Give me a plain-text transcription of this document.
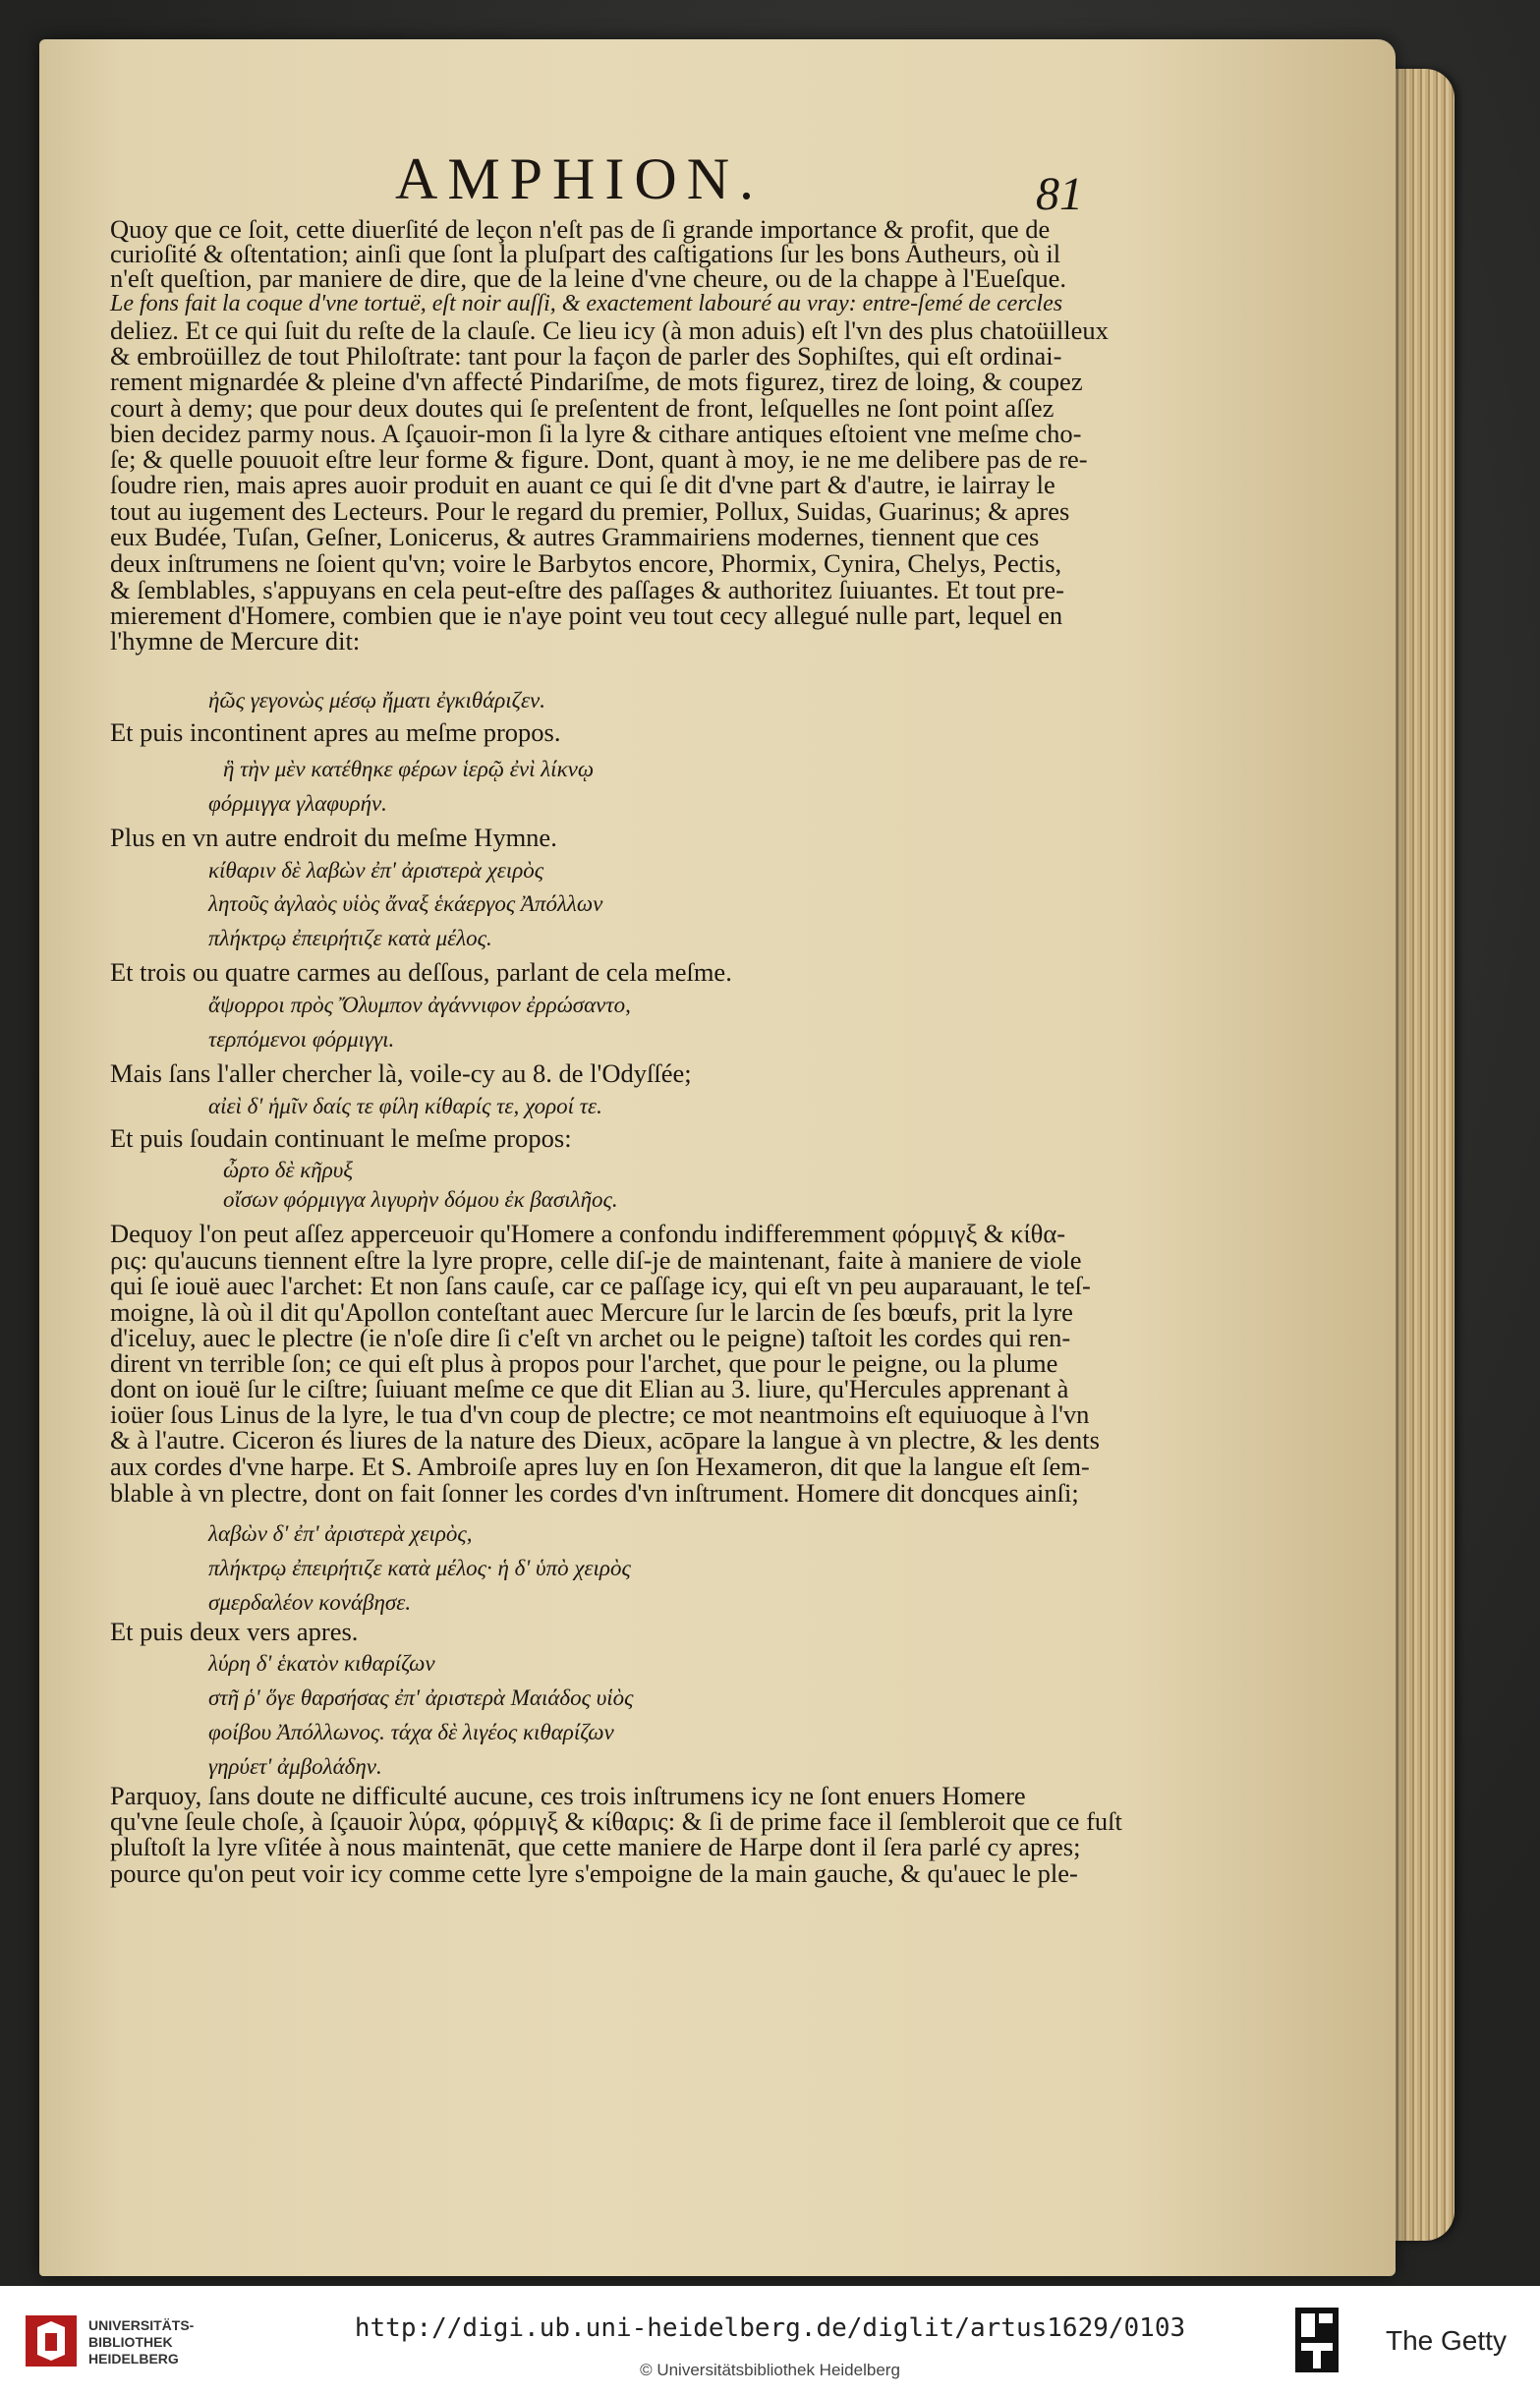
AMPHION.	81
Quoy que ce ſoit, cette diuerſité de leçon n'eſt pas de ſi grande importance & profit, que de
curioſité & oſtentation; ainſi que ſont la pluſpart des caſtigations ſur les bons Autheurs, où il
n'eſt queſtion, par maniere de dire, que de la leine d'vne cheure, ou de la chappe à l'Eueſque.
Le fons fait la coque d'vne tortuë, eſt noir auſſi, & exactement labouré au vray: entre-ſemé de cercles
deliez. Et ce qui ſuit du reſte de la clauſe. Ce lieu icy (à mon aduis) eſt l'vn des plus chatoüilleux
& embroüillez de tout Philoſtrate: tant pour la façon de parler des Sophiſtes, qui eſt ordinai-
rement mignardée & pleine d'vn affecté Pindariſme, de mots figurez, tirez de loing, & coupez
court à demy; que pour deux doutes qui ſe preſentent de front, leſquelles ne ſont point aſſez
bien decidez parmy nous. A ſçauoir-mon ſi la lyre & cithare antiques eſtoient vne meſme cho-
ſe; & quelle pouuoit eſtre leur forme & figure. Dont, quant à moy, ie ne me delibere pas de re-
ſoudre rien, mais apres auoir produit en auant ce qui ſe dit d'vne part & d'autre, ie lairray le
tout au iugement des Lecteurs. Pour le regard du premier, Pollux, Suidas, Guarinus; & apres
eux Budée, Tuſan, Geſner, Lonicerus, & autres Grammairiens modernes, tiennent que ces
deux inſtrumens ne ſoient qu'vn; voire le Barbytos encore, Phormix, Cynira, Chelys, Pectis,
& ſemblables, s'appuyans en cela peut-eſtre des paſſages & authoritez ſuiuantes. Et tout pre-
mierement d'Homere, combien que ie n'aye point veu tout cecy allegué nulle part, lequel en
l'hymne de Mercure dit:
ἠῶς γεγονὼς μέσῳ ἤματι ἐγκιθάριζεν.
Et puis incontinent apres au meſme propos.
ἣ τὴν μὲν κατέθηκε φέρων ἱερῷ ἐνὶ λίκνῳ
φόρμιγγα γλαφυρήν.
Plus en vn autre endroit du meſme Hymne.
κίθαριν δὲ λαβὼν ἐπ' ἀριστερὰ χειρὸς
λητοῦς ἀγλαὸς υἱὸς ἄναξ ἑκάεργος Ἀπόλλων
πλήκτρῳ ἐπειρήτιζε κατὰ μέλος.
Et trois ou quatre carmes au deſſous, parlant de cela meſme.
ἄψορροι πρὸς Ὄλυμπον ἀγάννιφον ἐρρώσαντο,
τερπόμενοι φόρμιγγι.
Mais ſans l'aller chercher là, voile-cy au 8. de l'Odyſſée;
αἰεὶ δ' ἡμῖν δαίς τε φίλη κίθαρίς τε, χοροί τε.
Et puis ſoudain continuant le meſme propos:
ὦρτο δὲ κῆρυξ
οἴσων φόρμιγγα λιγυρὴν δόμου ἐκ βασιλῆος.
Dequoy l'on peut aſſez apperceuoir qu'Homere a confondu indifferemment φόρμιγξ & κίθα-
ρις: qu'aucuns tiennent eſtre la lyre propre, celle diſ-je de maintenant, faite à maniere de viole
qui ſe iouë auec l'archet: Et non ſans cauſe, car ce paſſage icy, qui eſt vn peu auparauant, le teſ-
moigne, là où il dit qu'Apollon conteſtant auec Mercure ſur le larcin de ſes bœufs, prit la lyre
d'iceluy, auec le plectre (ie n'oſe dire ſi c'eſt vn archet ou le peigne) taſtoit les cordes qui ren-
dirent vn terrible ſon; ce qui eſt plus à propos pour l'archet, que pour le peigne, ou la plume
dont on iouë ſur le ciſtre; ſuiuant meſme ce que dit Elian au 3. liure, qu'Hercules apprenant à
ioüer ſous Linus de la lyre, le tua d'vn coup de plectre; ce mot neantmoins eſt equiuoque à l'vn
& à l'autre. Ciceron és liures de la nature des Dieux, acōpare la langue à vn plectre, & les dents
aux cordes d'vne harpe. Et S. Ambroiſe apres luy en ſon Hexameron, dit que la langue eſt ſem-
blable à vn plectre, dont on fait ſonner les cordes d'vn inſtrument. Homere dit doncques ainſi;
λαβὼν δ' ἐπ' ἀριστερὰ χειρὸς,
πλήκτρῳ ἐπειρήτιζε κατὰ μέλος· ἡ δ' ὑπὸ χειρὸς
σμερδαλέον κονάβησε.
Et puis deux vers apres.
λύρη δ' ἑκατὸν κιθαρίζων
στῆ ῥ' ὅγε θαρσήσας ἐπ' ἀριστερὰ Μαιάδος υἱὸς
φοίβου Ἀπόλλωνος. τάχα δὲ λιγέος κιθαρίζων
γηρύετ' ἀμβολάδην.
Parquoy, ſans doute ne difficulté aucune, ces trois inſtrumens icy ne ſont enuers Homere
qu'vne ſeule choſe, à ſçauoir λύρα, φόρμιγξ & κίθαρις: & ſi de prime face il ſembleroit que ce fuſt
pluſtoſt la lyre vſitée à nous maintenāt, que cette maniere de Harpe dont il ſera parlé cy apres;
pource qu'on peut voir icy comme cette lyre s'empoigne de la main gauche, & qu'auec le ple-
UNIVERSITÄTS- BIBLIOTHEK HEIDELBERG
http://digi.ub.uni-heidelberg.de/diglit/artus1629/0103
© Universitätsbibliothek Heidelberg
The Getty
